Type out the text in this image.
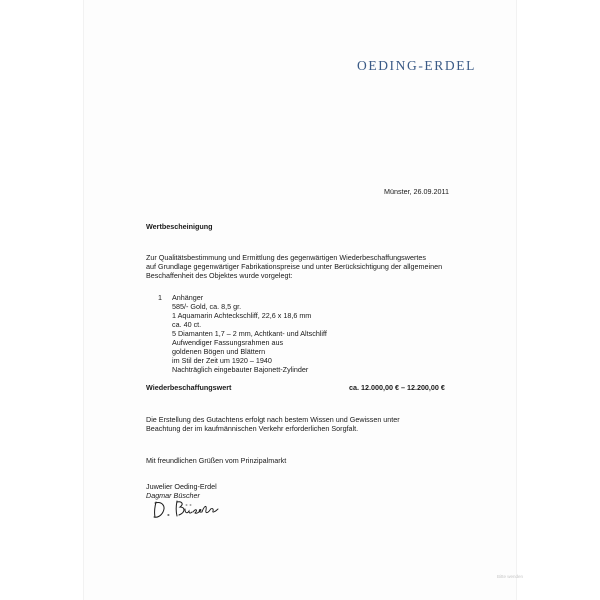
OEDING-ERDEL
Münster, 26.09.2011
Wertbescheinigung
Zur Qualitätsbestimmung und Ermittlung des gegenwärtigen Wiederbeschaffungswertes
auf Grundlage gegenwärtiger Fabrikationspreise und unter Berücksichtigung der allgemeinen
Beschaffenheit des Objektes wurde vorgelegt:
1 Anhänger
585/- Gold, ca. 8,5 gr.
1 Aquamarin Achteckschliff, 22,6 x 18,6 mm
ca. 40 ct.
5 Diamanten 1,7 – 2 mm, Achtkant- und Altschliff
Aufwendiger Fassungsrahmen aus
goldenen Bögen und Blättern
im Stil der Zeit um 1920 – 1940
Nachträglich eingebauter Bajonett-Zylinder
Wiederbeschaffungswert	ca. 12.000,00 € – 12.200,00 €
Die Erstellung des Gutachtens erfolgt nach bestem Wissen und Gewissen unter
Beachtung der im kaufmännischen Verkehr erforderlichen Sorgfalt.
Mit freundlichen Grüßen vom Prinzipalmarkt
Juwelier Oeding-Erdel
Dagmar Büscher
Bitte wenden
